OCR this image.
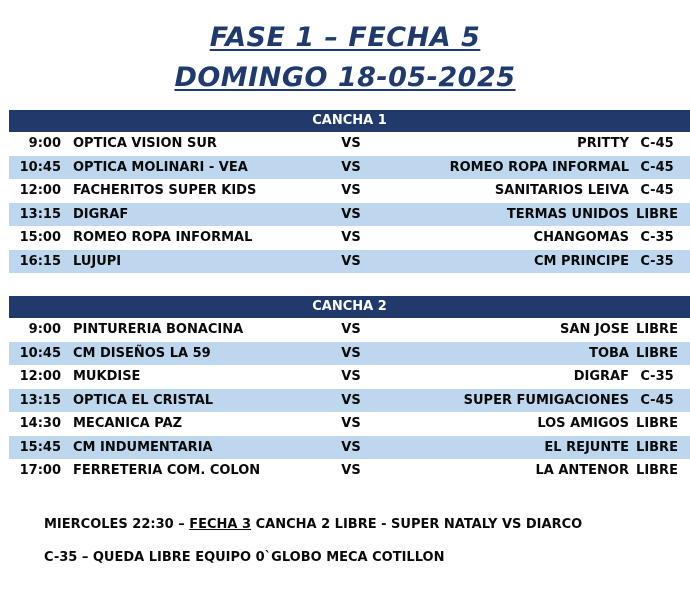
FASE 1 – FECHA 5
DOMINGO 18-05-2025
CANCHA 1
9:00 OPTICA VISION SUR	VS	PRITTY C-45
10:45 OPTICA MOLINARI - VEA	VS	ROMEO ROPA INFORMAL C-45
12:00 FACHERITOS SUPER KIDS	VS	SANITARIOS LEIVA C-45
13:15 DIGRAF	VS	TERMAS UNIDOS LIBRE
15:00 ROMEO ROPA INFORMAL	VS	CHANGOMAS C-35
16:15 LUJUPI	VS	CM PRINCIPE C-35
CANCHA 2
9:00 PINTURERIA BONACINA	VS	SAN JOSE LIBRE
10:45 CM DISEÑOS LA 59	VS	TOBA LIBRE
12:00 MUKDISE	VS	DIGRAF C-35
13:15 OPTICA EL CRISTAL	VS	SUPER FUMIGACIONES C-45
14:30 MECANICA PAZ	VS	LOS AMIGOS LIBRE
15:45 CM INDUMENTARIA	VS	EL REJUNTE LIBRE
17:00 FERRETERIA COM. COLON	VS	LA ANTENOR LIBRE
MIERCOLES 22:30 – FECHA 3 CANCHA 2 LIBRE - SUPER NATALY VS DIARCO
C-35 – QUEDA LIBRE EQUIPO 0`GLOBO MECA COTILLON
